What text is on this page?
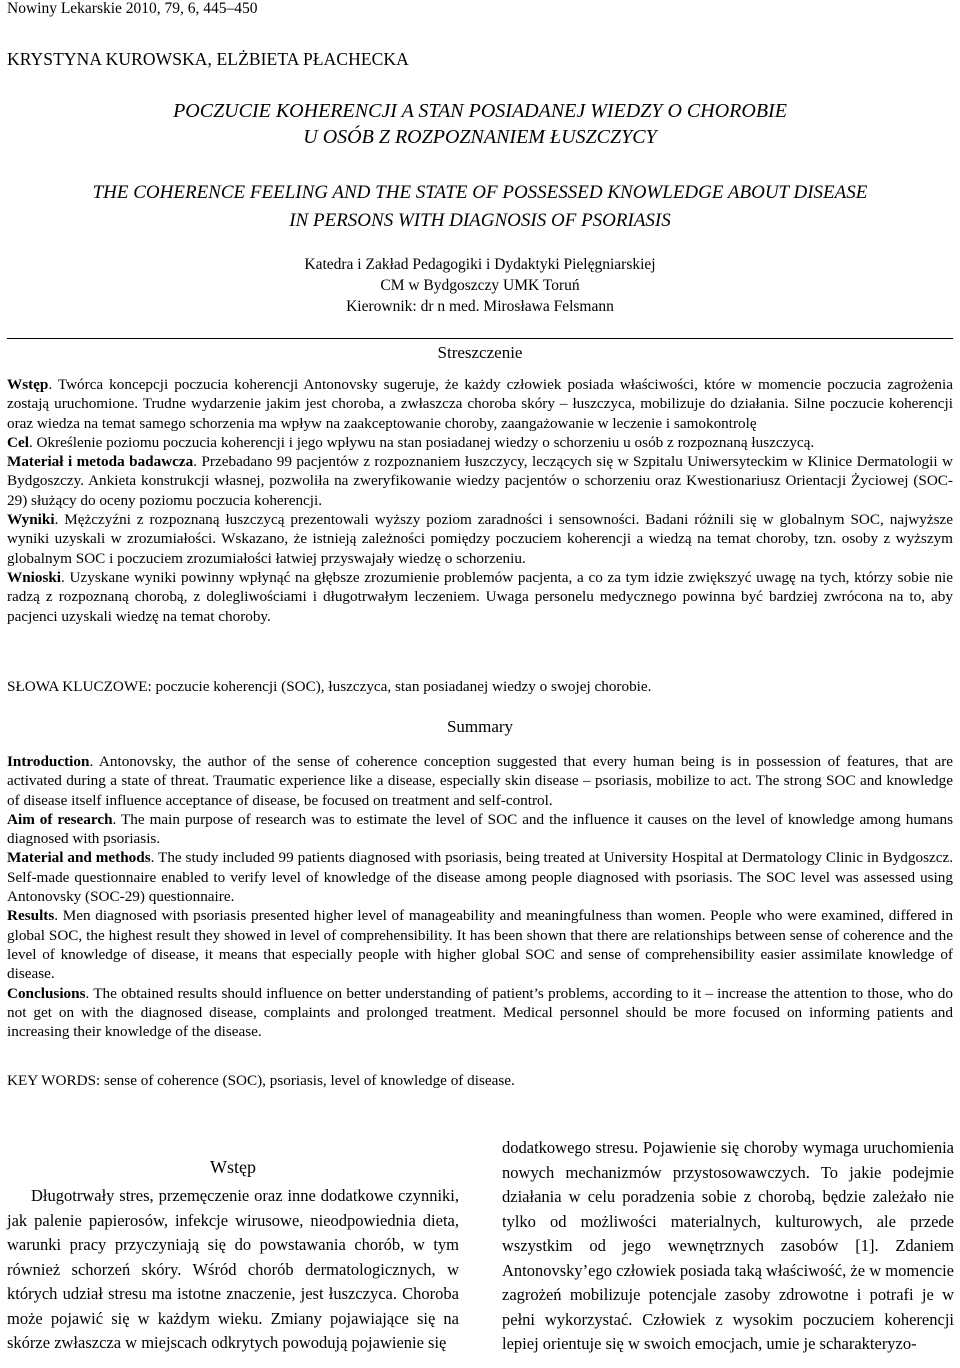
Nowiny Lekarskie 2010, 79, 6, 445–450
KRYSTYNA KUROWSKA, ELŻBIETA PŁACHECKA
POCZUCIE KOHERENCJI A STAN POSIADANEJ WIEDZY O CHOROBIE
U OSÓB Z ROZPOZNANIEM ŁUSZCZYCY
THE COHERENCE FEELING AND THE STATE OF POSSESSED KNOWLEDGE ABOUT DISEASE
IN PERSONS WITH DIAGNOSIS OF PSORIASIS
Katedra i Zakład Pedagogiki i Dydaktyki Pielęgniarskiej
CM w Bydgoszczy UMK Toruń
Kierownik: dr n med. Mirosława Felsmann
Streszczenie

Wstęp. Twórca koncepcji poczucia koherencji Antonovsky sugeruje, że każdy człowiek posiada właściwości, które w momencie poczucia zagrożenia zostają uruchomione. Trudne wydarzenie jakim jest choroba, a zwłaszcza choroba skóry – łuszczyca, mobilizuje do działania. Silne poczucie koherencji oraz wiedza na temat samego schorzenia ma wpływ na zaakceptowanie choroby, zaangażowanie w leczenie i samokontrolę

Cel. Określenie poziomu poczucia koherencji i jego wpływu na stan posiadanej wiedzy o schorzeniu u osób z rozpoznaną łuszczycą.

Materiał i metoda badawcza. Przebadano 99 pacjentów z rozpoznaniem łuszczycy, leczących się w Szpitalu Uniwersyteckim w Klinice Dermatologii w Bydgoszczy. Ankieta konstrukcji własnej, pozwoliła na zweryfikowanie wiedzy pacjentów o schorzeniu oraz Kwestionariusz Orientacji Życiowej (SOC-29) służący do oceny poziomu poczucia koherencji.

Wyniki. Mężczyźni z rozpoznaną łuszczycą prezentowali wyższy poziom zaradności i sensowności. Badani różnili się w globalnym SOC, najwyższe wyniki uzyskali w zrozumiałości. Wskazano, że istnieją zależności pomiędzy poczuciem koherencji a wiedzą na temat choroby, tzn. osoby z wyższym globalnym SOC i poczuciem zrozumiałości łatwiej przyswajały wiedzę o schorzeniu.

Wnioski. Uzyskane wyniki powinny wpłynąć na głębsze zrozumienie problemów pacjenta, a co za tym idzie zwiększyć uwagę na tych, którzy sobie nie radzą z rozpoznaną chorobą, z dolegliwościami i długotrwałym leczeniem. Uwaga personelu medycznego powinna być bardziej zwrócona na to, aby pacjenci uzyskali wiedzę na temat choroby.

SŁOWA KLUCZOWE: poczucie koherencji (SOC), łuszczyca, stan posiadanej wiedzy o swojej chorobie.
Summary

Introduction. Antonovsky, the author of the sense of coherence conception suggested that every human being is in possession of features, that are activated during a state of threat. Traumatic experience like a disease, especially skin disease – psoriasis, mobilize to act. The strong SOC and knowledge of disease itself influence acceptance of disease, be focused on treatment and self-control.

Aim of research. The main purpose of research was to estimate the level of SOC and the influence it causes on the level of knowledge among humans diagnosed with psoriasis.

Material and methods. The study included 99 patients diagnosed with psoriasis, being treated at University Hospital at Dermatology Clinic in Bydgoszcz. Self-made questionnaire enabled to verify level of knowledge of the disease among people diagnosed with psoriasis. The SOC level was assessed using Antonovsky (SOC-29) questionnaire.

Results. Men diagnosed with psoriasis presented higher level of manageability and meaningfulness than women. People who were examined, differed in global SOC, the highest result they showed in level of comprehensibility. It has been shown that there are relationships between sense of coherence and the level of knowledge of disease, it means that especially people with higher global SOC and sense of comprehensibility easier assimilate knowledge of disease.

Conclusions. The obtained results should influence on better understanding of patient’s problems, according to it – increase the attention to those, who do not get on with the diagnosed disease, complaints and prolonged treatment. Medical personnel should be more focused on informing patients and increasing their knowledge of the disease.

KEY WORDS: sense of coherence (SOC), psoriasis, level of knowledge of disease.
Wstęp

Długotrwały stres, przemęczenie oraz inne dodatkowe czynniki, jak palenie papierosów, infekcje wirusowe, nieodpowiednia dieta, warunki pracy przyczyniają się do powstawania chorób, w tym również schorzeń skóry. Wśród chorób dermatologicznych, w których udział stresu ma istotne znaczenie, jest łuszczyca. Choroba może pojawić się w każdym wieku. Zmiany pojawiające się na skórze zwłaszcza w miejscach odkrytych powodują pojawienie się

dodatkowego stresu. Pojawienie się choroby wymaga uruchomienia nowych mechanizmów przystosowawczych. To jakie podejmie działania w celu poradzenia sobie z chorobą, będzie zależało nie tylko od możliwości materialnych, kulturowych, ale przede wszystkim od jego wewnętrznych zasobów [1]. Zdaniem Antonovsky’ego człowiek posiada taką właściwość, że w momencie zagrożeń mobilizuje potencjale zasoby zdrowotne i potrafi je w pełni wykorzystać. Człowiek z wysokim poczuciem koherencji lepiej orientuje się w swoich emocjach, umie je scharakteryzo-
